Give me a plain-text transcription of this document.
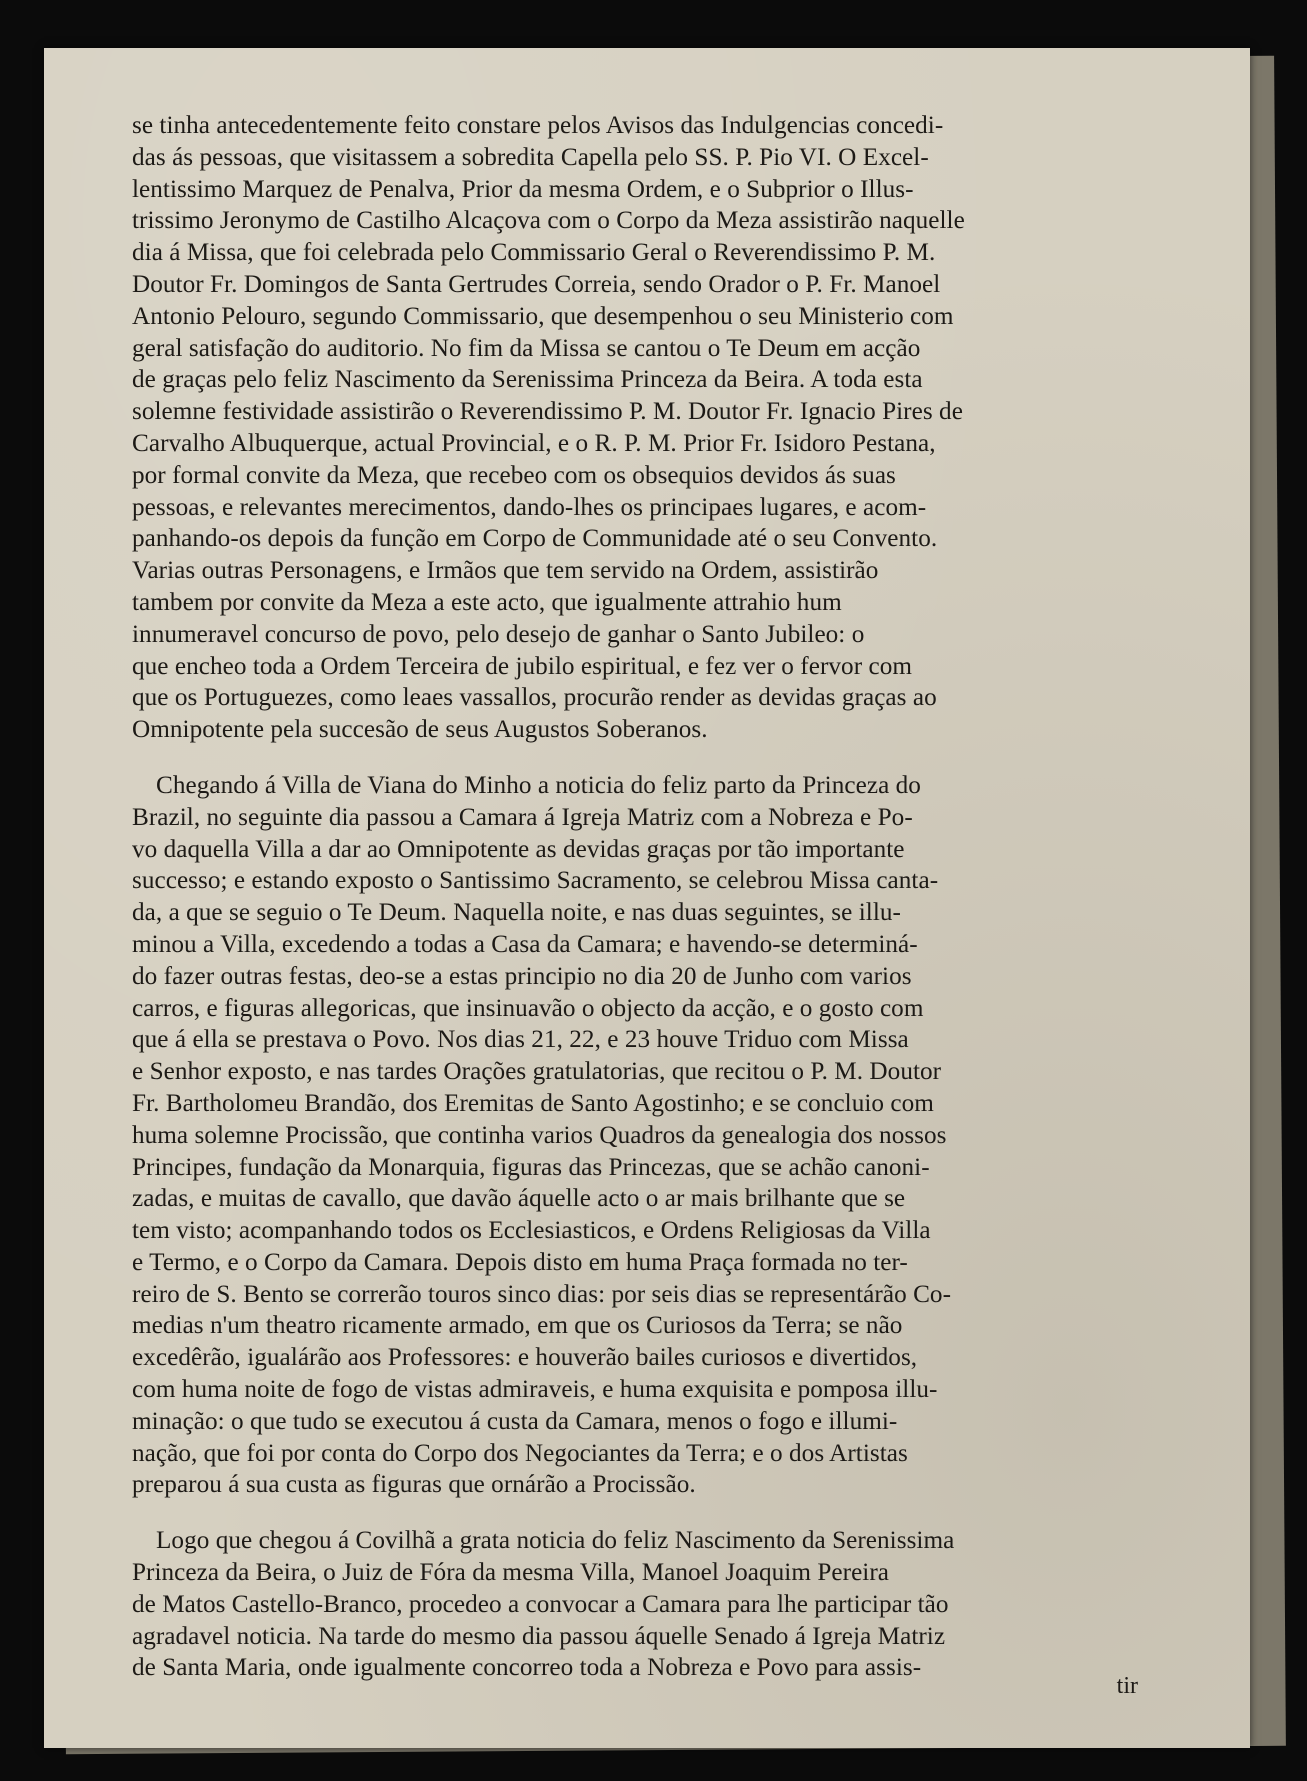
se tinha antecedentemente feito constare pelos Avisos das Indulgencias concedi-
das ás pessoas, que visitassem a sobredita Capella pelo SS. P. Pio VI. O Excel-
lentissimo Marquez de Penalva, Prior da mesma Ordem, e o Subprior o Illus-
trissimo Jeronymo de Castilho Alcaçova com o Corpo da Meza assistirão naquelle
dia á Missa, que foi celebrada pelo Commissario Geral o Reverendissimo P. M.
Doutor Fr. Domingos de Santa Gertrudes Correia, sendo Orador o P. Fr. Manoel
Antonio Pelouro, segundo Commissario, que desempenhou o seu Ministerio com
geral satisfação do auditorio. No fim da Missa se cantou o Te Deum em acção
de graças pelo feliz Nascimento da Serenissima Princeza da Beira. A toda esta
solemne festividade assistirão o Reverendissimo P. M. Doutor Fr. Ignacio Pires de
Carvalho Albuquerque, actual Provincial, e o R. P. M. Prior Fr. Isidoro Pestana,
por formal convite da Meza, que recebeo com os obsequios devidos ás suas
pessoas, e relevantes merecimentos, dando-lhes os principaes lugares, e acom-
panhando-os depois da função em Corpo de Communidade até o seu Convento.
Varias outras Personagens, e Irmãos que tem servido na Ordem, assistirão
tambem por convite da Meza a este acto, que igualmente attrahio hum
innumeravel concurso de povo, pelo desejo de ganhar o Santo Jubileo: o
que encheo toda a Ordem Terceira de jubilo espiritual, e fez ver o fervor com
que os Portuguezes, como leaes vassallos, procurão render as devidas graças ao
Omnipotente pela succesão de seus Augustos Soberanos.

Chegando á Villa de Viana do Minho a noticia do feliz parto da Princeza do
Brazil, no seguinte dia passou a Camara á Igreja Matriz com a Nobreza e Po-
vo daquella Villa a dar ao Omnipotente as devidas graças por tão importante
successo; e estando exposto o Santissimo Sacramento, se celebrou Missa canta-
da, a que se seguio o Te Deum. Naquella noite, e nas duas seguintes, se illu-
minou a Villa, excedendo a todas a Casa da Camara; e havendo-se determiná-
do fazer outras festas, deo-se a estas principio no dia 20 de Junho com varios
carros, e figuras allegoricas, que insinuavão o objecto da acção, e o gosto com
que á ella se prestava o Povo. Nos dias 21, 22, e 23 houve Triduo com Missa
e Senhor exposto, e nas tardes Orações gratulatorias, que recitou o P. M. Doutor
Fr. Bartholomeu Brandão, dos Eremitas de Santo Agostinho; e se concluio com
huma solemne Procissão, que continha varios Quadros da genealogia dos nossos
Principes, fundação da Monarquia, figuras das Princezas, que se achão canoni-
zadas, e muitas de cavallo, que davão áquelle acto o ar mais brilhante que se
tem visto; acompanhando todos os Ecclesiasticos, e Ordens Religiosas da Villa
e Termo, e o Corpo da Camara. Depois disto em huma Praça formada no ter-
reiro de S. Bento se correrão touros sinco dias: por seis dias se representárão Co-
medias n'um theatro ricamente armado, em que os Curiosos da Terra; se não
excedêrão, igualárão aos Professores: e houverão bailes curiosos e divertidos,
com huma noite de fogo de vistas admiraveis, e huma exquisita e pomposa illu-
minação: o que tudo se executou á custa da Camara, menos o fogo e illumi-
nação, que foi por conta do Corpo dos Negociantes da Terra; e o dos Artistas
preparou á sua custa as figuras que ornárão a Procissão.

Logo que chegou á Covilhã a grata noticia do feliz Nascimento da Serenissima
Princeza da Beira, o Juiz de Fóra da mesma Villa, Manoel Joaquim Pereira
de Matos Castello-Branco, procedeo a convocar a Camara para lhe participar tão
agradavel noticia. Na tarde do mesmo dia passou áquelle Senado á Igreja Matriz
de Santa Maria, onde igualmente concorreo toda a Nobreza e Povo para assis-

tir
